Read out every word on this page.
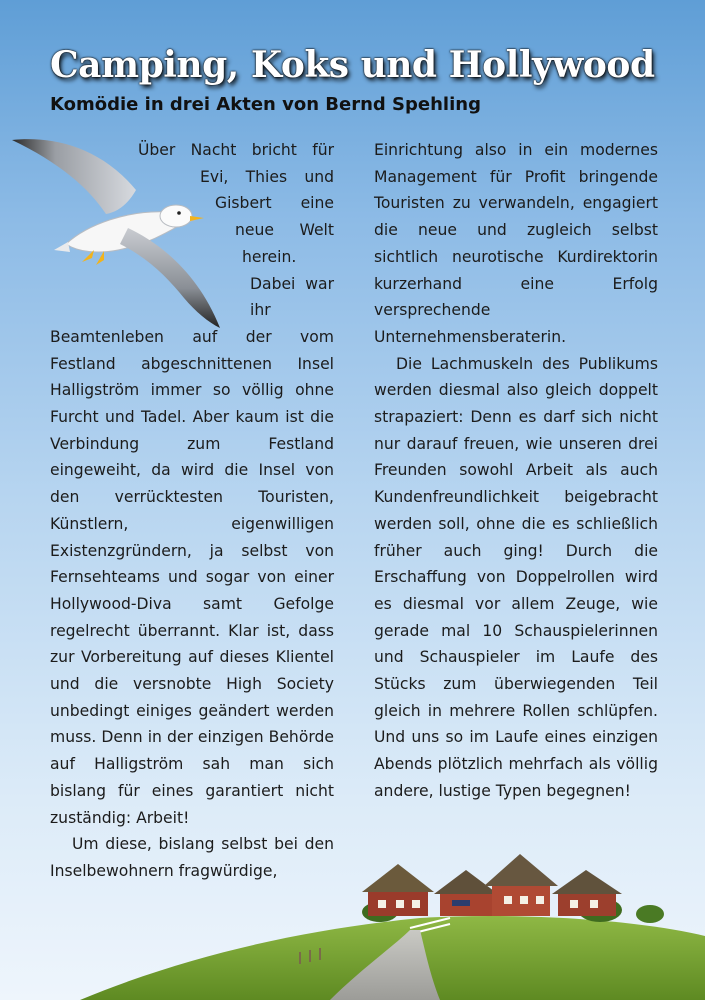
Camping, Koks und Hollywood
Komödie in drei Akten von Bernd Spehling

Über Nacht bricht für Evi, Thies und Gisbert eine neue Welt herein. Dabei war ihr Beamtenleben auf der vom Festland abgeschnittenen Insel Halligström immer so völlig ohne Furcht und Tadel. Aber kaum ist die Verbindung zum Festland eingeweiht, da wird die Insel von den verrücktesten Touristen, Künstlern, eigenwilligen Existenzgründern, ja selbst von Fernsehteams und sogar von einer Hollywood-Diva samt Gefolge regelrecht überrannt. Klar ist, dass zur Vorbereitung auf dieses Klientel und die versnobte High Society unbedingt einiges geändert werden muss. Denn in der einzigen Behörde auf Halligström sah man sich bislang für eines garantiert nicht zuständig: Arbeit!

Um diese, bislang selbst bei den Inselbewohnern fragwürdige,

Einrichtung also in ein modernes Management für Profit bringende Touristen zu verwandeln, engagiert die neue und zugleich selbst sichtlich neurotische Kurdirektorin kurzerhand eine Erfolg versprechende Unternehmensberaterin.

Die Lachmuskeln des Publikums werden diesmal also gleich doppelt strapaziert: Denn es darf sich nicht nur darauf freuen, wie unseren drei Freunden sowohl Arbeit als auch Kundenfreundlichkeit beigebracht werden soll, ohne die es schließlich früher auch ging! Durch die Erschaffung von Doppelrollen wird es diesmal vor allem Zeuge, wie gerade mal 10 Schauspielerinnen und Schauspieler im Laufe des Stücks zum überwiegenden Teil gleich in mehrere Rollen schlüpfen. Und uns so im Laufe eines einzigen Abends plötzlich mehrfach als völlig andere, lustige Typen begegnen!
